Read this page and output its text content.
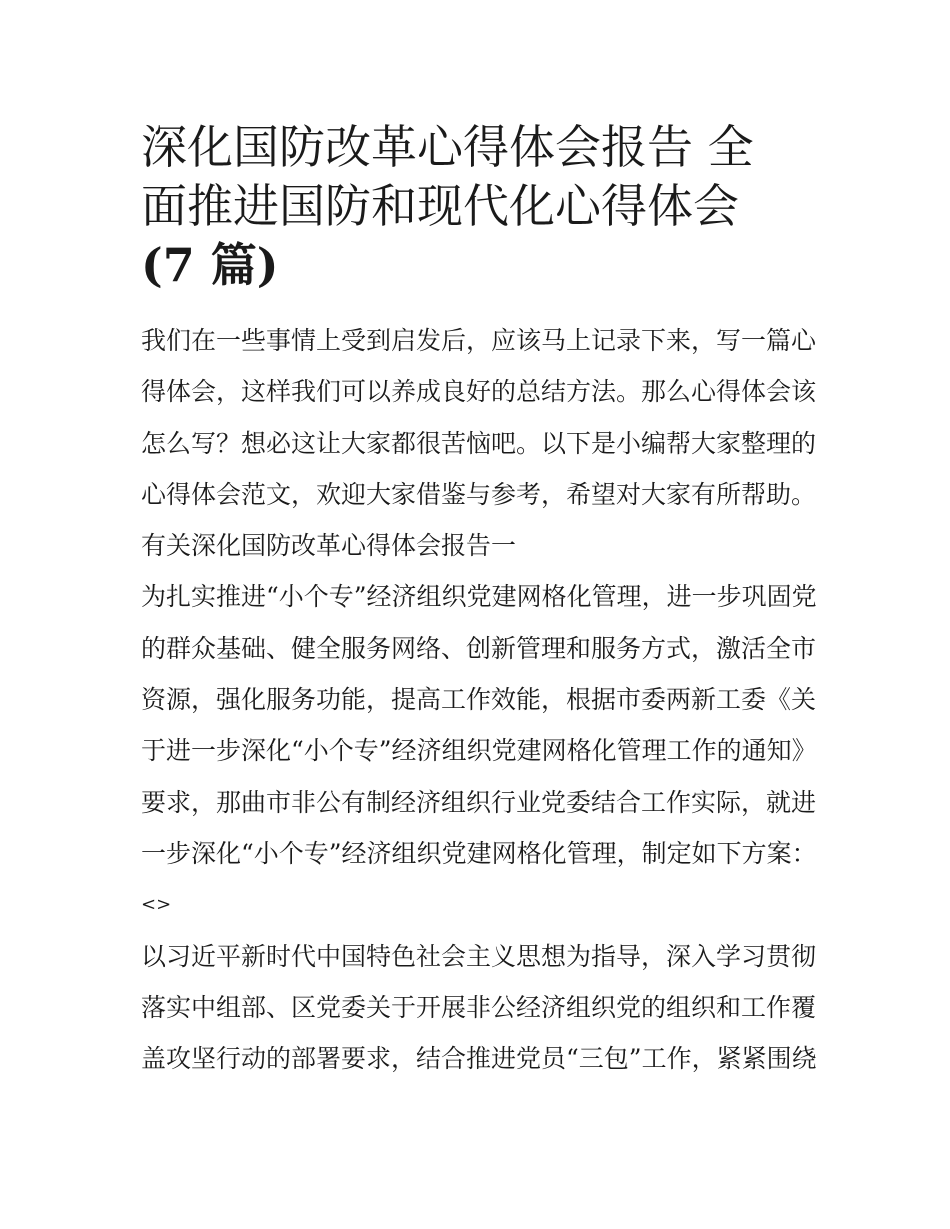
深化国防改革心得体会报告 全
面推进国防和现代化心得体会
(7 篇)
我们在一些事情上受到启发后，应该马上记录下来，写一篇心
得体会，这样我们可以养成良好的总结方法。那么心得体会该
怎么写？想必这让大家都很苦恼吧。以下是小编帮大家整理的
心得体会范文，欢迎大家借鉴与参考，希望对大家有所帮助。
有关深化国防改革心得体会报告一
为扎实推进“小个专”经济组织党建网格化管理，进一步巩固党
的群众基础、健全服务网络、创新管理和服务方式，激活全市
资源，强化服务功能，提高工作效能，根据市委两新工委《关
于进一步深化“小个专”经济组织党建网格化管理工作的通知》
要求，那曲市非公有制经济组织行业党委结合工作实际，就进
一步深化“小个专”经济组织党建网格化管理，制定如下方案：
<>
以习近平新时代中国特色社会主义思想为指导，深入学习贯彻
落实中组部、区党委关于开展非公经济组织党的组织和工作覆
盖攻坚行动的部署要求，结合推进党员“三包”工作，紧紧围绕
